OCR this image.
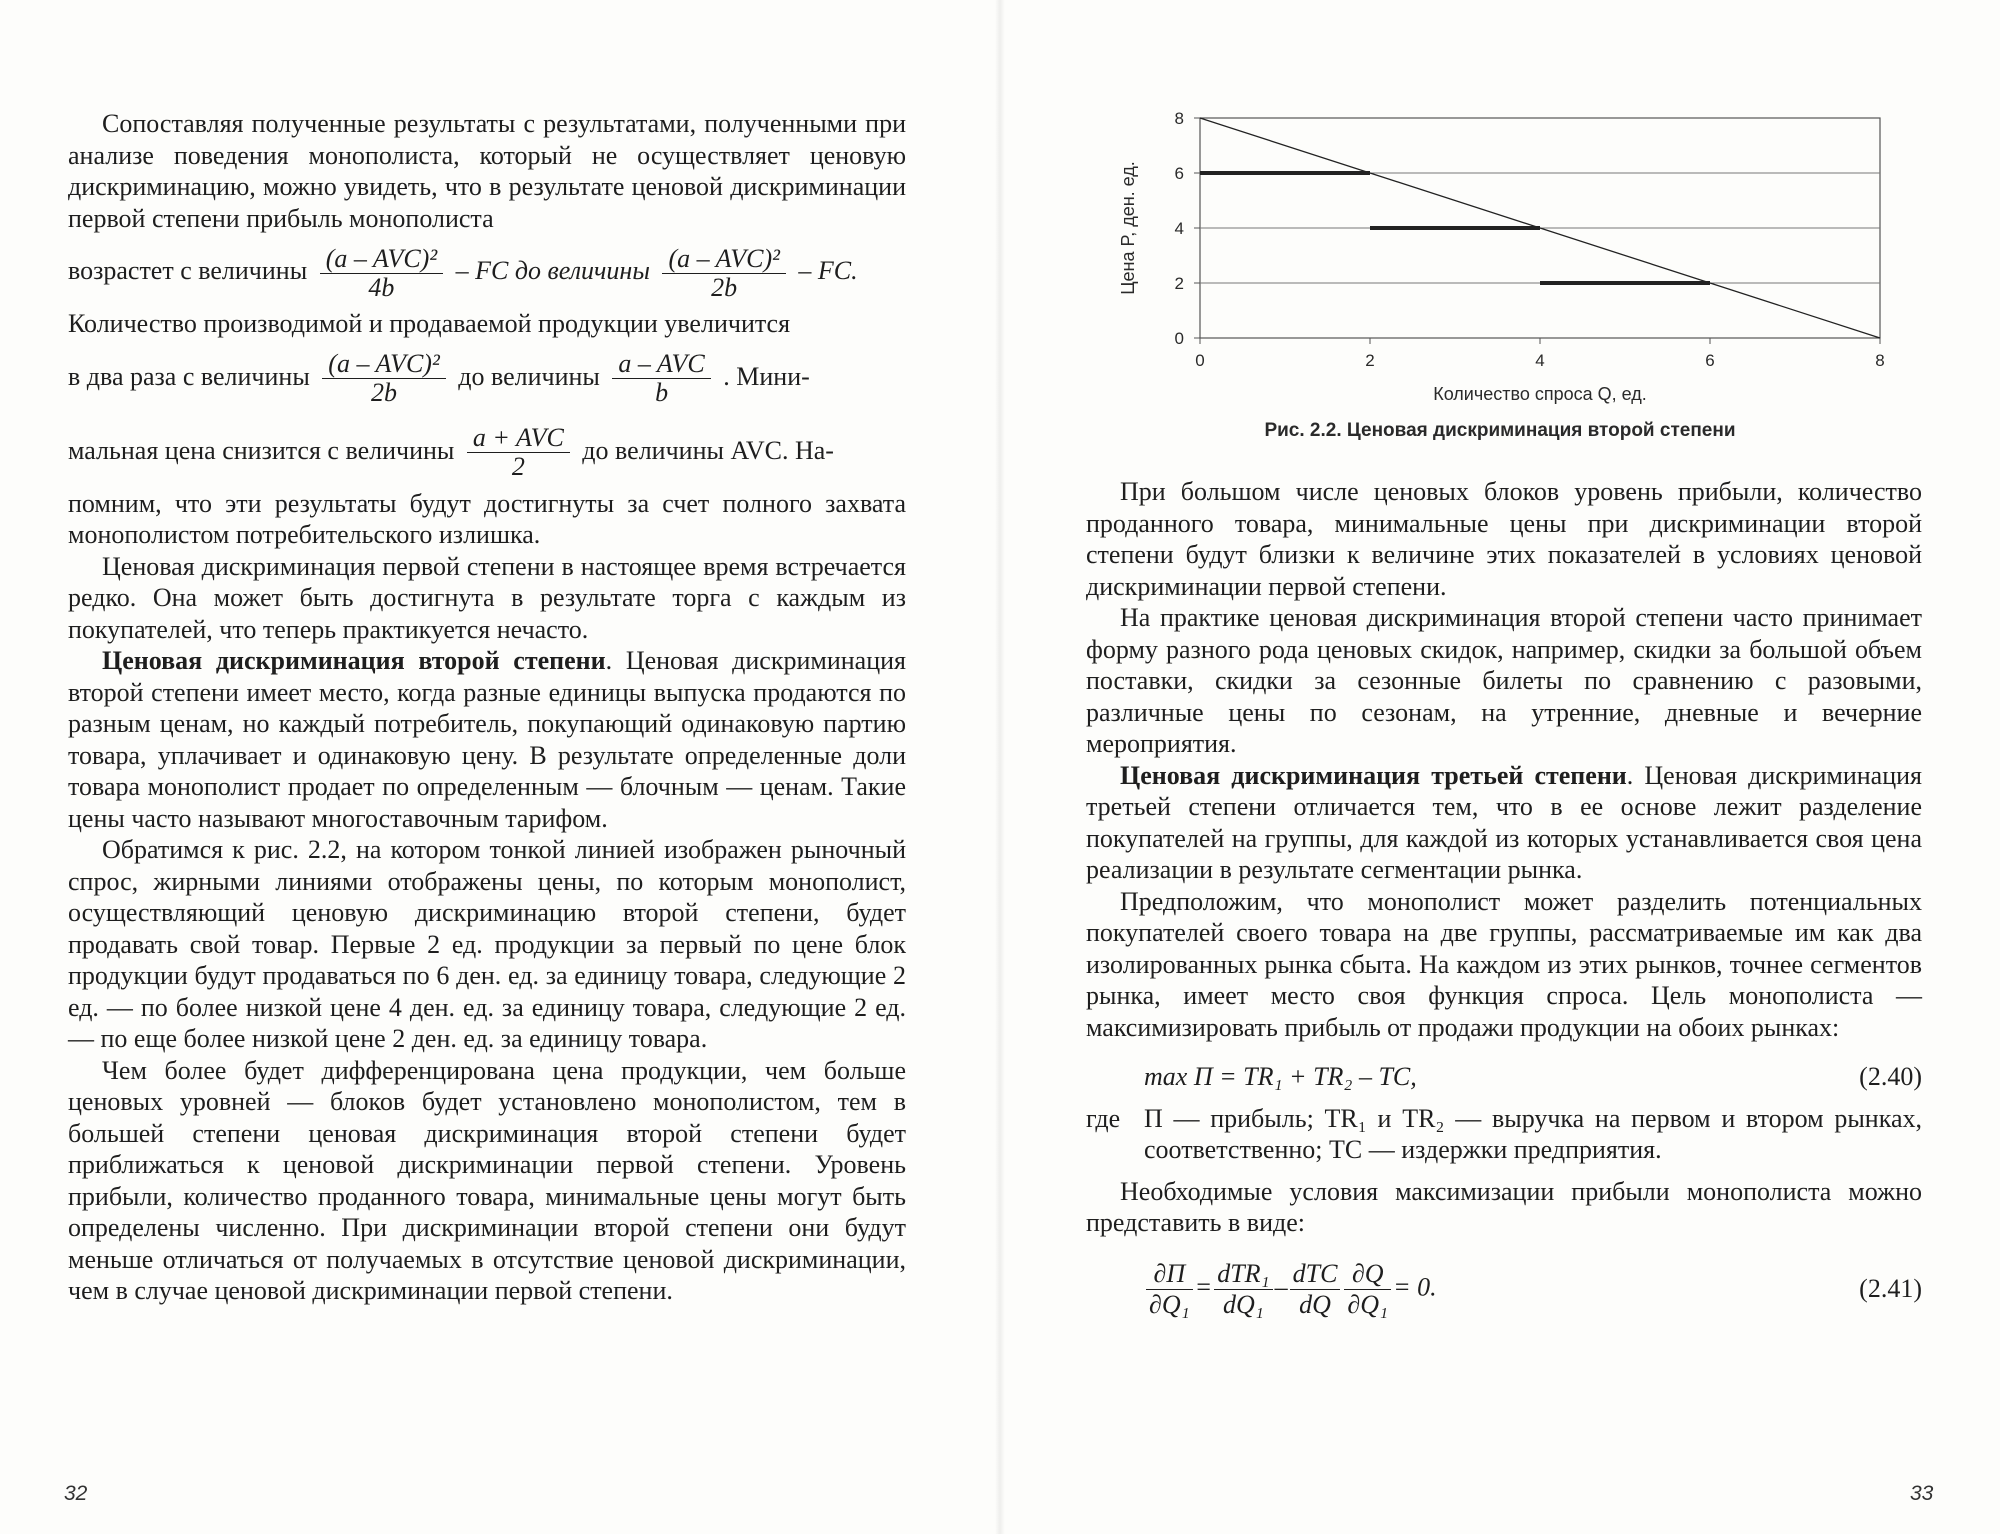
Сопоставляя полученные результаты с результатами, полученными при анализе поведения монополиста, который не осуществляет ценовую дискриминацию, можно увидеть, что в результате ценовой дискриминации первой степени прибыль монополиста

возрастет с величины $\frac{\text{(a – AVC)²}}{4b}$ – FC до величины $\frac{\text{(a – AVC)²}}{2b}$ – FC.

Количество производимой и продаваемой продукции увеличится

в два раза с величины $\frac{\text{(a – AVC)²}}{2b}$ до величины $\frac{\text{a – AVC}}{b}$ . Мини-
мальная цена снизится с величины $\frac{\text{a + AVC}}{2}$ до величины AVC. На-

помним, что эти результаты будут достигнуты за счет полного захвата монополистом потребительского излишка.

Ценовая дискриминация первой степени в настоящее время встречается редко. Она может быть достигнута в результате торга с каждым из покупателей, что теперь практикуется нечасто.

Ценовая дискриминация второй степени. Ценовая дискриминация второй степени имеет место, когда разные единицы выпуска продаются по разным ценам, но каждый потребитель, покупающий одинаковую партию товара, уплачивает и одинаковую цену. В результате определенные доли товара монополист продает по определенным — блочным — ценам. Такие цены часто называют многоставочным тарифом.

Обратимся к рис. 2.2, на котором тонкой линией изображен рыночный спрос, жирными линиями отображены цены, по которым монополист, осуществляющий ценовую дискриминацию второй степени, будет продавать свой товар. Первые 2 ед. продукции за первый по цене блок продукции будут продаваться по 6 ден. ед. за единицу товара, следующие 2 ед. — по более низкой цене 4 ден. ед. за единицу товара, следующие 2 ед. — по еще более низкой цене 2 ден. ед. за единицу товара.

Чем более будет дифференцирована цена продукции, чем больше ценовых уровней — блоков будет установлено монополистом, тем в большей степени ценовая дискриминация второй степени будет приближаться к ценовой дискриминации первой степени. Уровень прибыли, количество проданного товара, минимальные цены могут быть определены численно. При дискриминации второй степени они будут меньше отличаться от получаемых в отсутствие ценовой дискриминации, чем в случае ценовой дискриминации первой степени.

32

При большом числе ценовых блоков уровень прибыли, количество проданного товара, минимальные цены при дискриминации второй степени будут близки к величине этих показателей в условиях ценовой дискриминации первой степени.

На практике ценовая дискриминация второй степени часто принимает форму разного рода ценовых скидок, например, скидки за большой объем поставки, скидки за сезонные билеты по сравнению с разовыми, различные цены по сезонам, на утренние, дневные и вечерние мероприятия.

Ценовая дискриминация третьей степени. Ценовая дискриминация третьей степени отличается тем, что в ее основе лежит разделение покупателей на группы, для каждой из которых устанавливается своя цена реализации в результате сегментации рынка.

Предположим, что монополист может разделить потенциальных покупателей своего товара на две группы, рассматриваемые им как два изолированных рынка сбыта. На каждом из этих рынков, точнее сегментов рынка, имеет место своя функция спроса. Цель монополиста — максимизировать прибыль от продажи продукции на обоих рынках:

max П = TR₁ + TR₂ – TC,	(2.40)
где П — прибыль; TR₁ и TR₂ — выручка на первом и втором рынках, соответственно; TC — издержки предприятия.

Необходимые условия максимизации прибыли монополиста можно представить в виде:

$\frac{\partial П}{\text{∂Q₁}} = \frac{\text{dTR₁}}{\text{dQ₁}} - \frac{\text{dTC}}{dQ} \frac{\partial Q}{\text{∂Q₁}} = 0$.	(2.41)
33
0
2
4
6
8
0	2	4	6	8
Количество спроса Q, ед.
Цена P, ден. ед.
Рис. 2.2. Ценовая дискриминация второй степени
